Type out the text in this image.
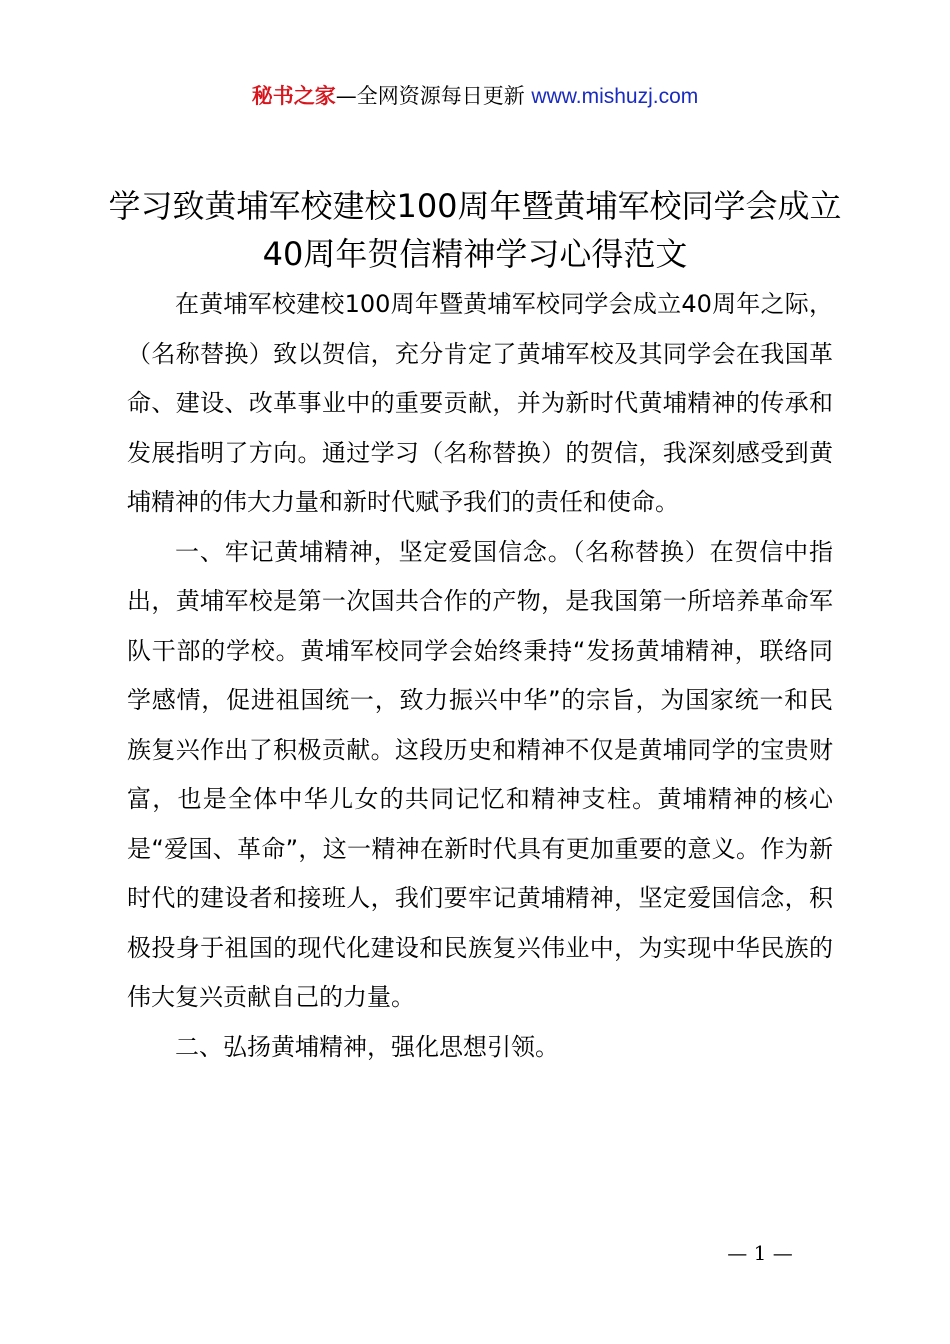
秘书之家—全网资源每日更新 www.mishuzj.com
学习致黄埔军校建校100周年暨黄埔军校同学会成立40周年贺信精神学习心得范文

在黄埔军校建校100周年暨黄埔军校同学会成立40周年之际，（名称替换）致以贺信，充分肯定了黄埔军校及其同学会在我国革命、建设、改革事业中的重要贡献，并为新时代黄埔精神的传承和发展指明了方向。通过学习（名称替换）的贺信，我深刻感受到黄埔精神的伟大力量和新时代赋予我们的责任和使命。

一、牢记黄埔精神，坚定爱国信念。（名称替换）在贺信中指出，黄埔军校是第一次国共合作的产物，是我国第一所培养革命军队干部的学校。黄埔军校同学会始终秉持“发扬黄埔精神，联络同学感情，促进祖国统一，致力振兴中华”的宗旨，为国家统一和民族复兴作出了积极贡献。这段历史和精神不仅是黄埔同学的宝贵财富，也是全体中华儿女的共同记忆和精神支柱。黄埔精神的核心是“爱国、革命”，这一精神在新时代具有更加重要的意义。作为新时代的建设者和接班人，我们要牢记黄埔精神，坚定爱国信念，积极投身于祖国的现代化建设和民族复兴伟业中，为实现中华民族的伟大复兴贡献自己的力量。

二、弘扬黄埔精神，强化思想引领。

— 1 —
